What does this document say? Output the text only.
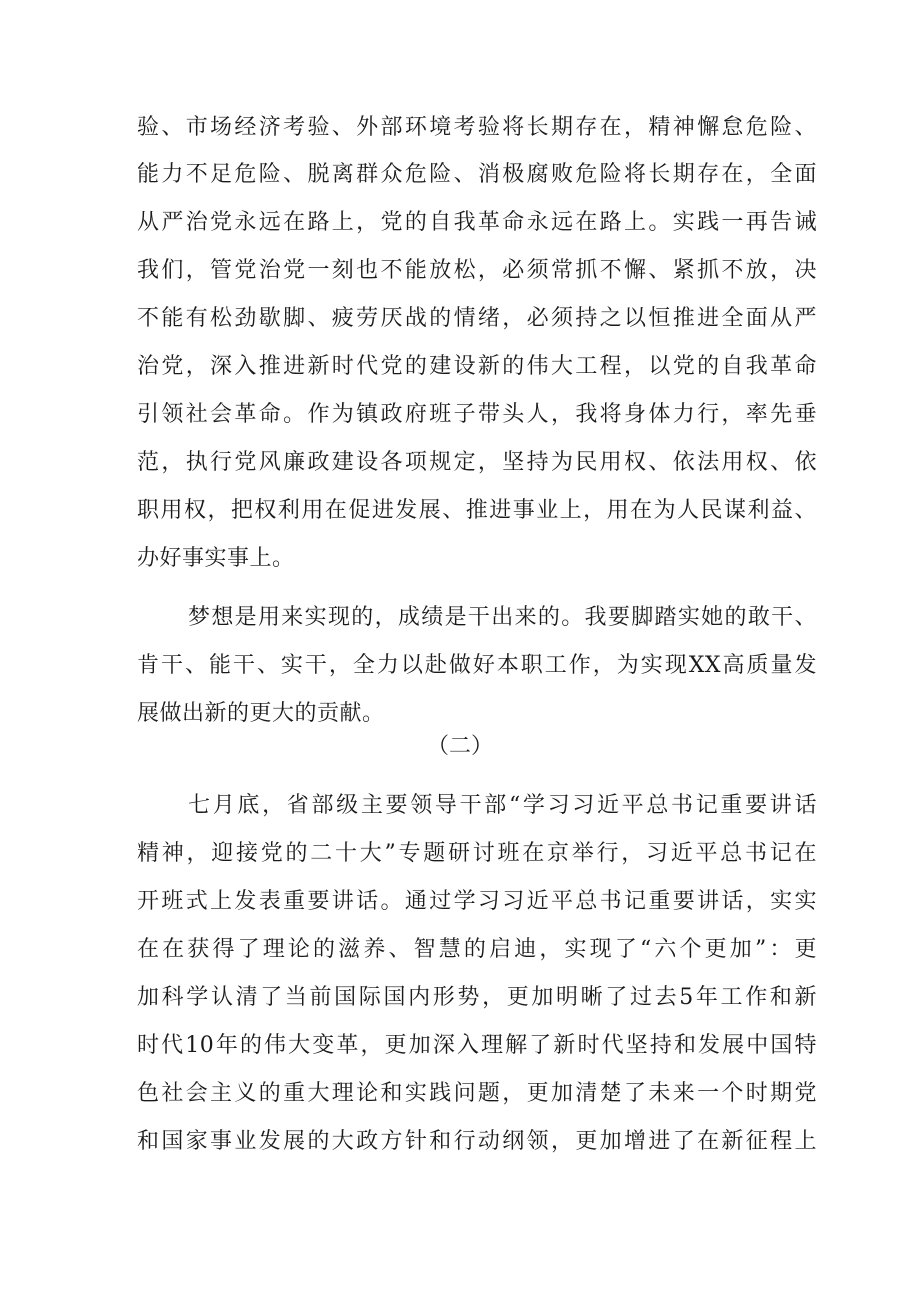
验、市场经济考验、外部环境考验将长期存在，精神懈怠危险、
能力不足危险、脱离群众危险、消极腐败危险将长期存在，全面
从严治党永远在路上，党的自我革命永远在路上。实践一再告诫
我们，管党治党一刻也不能放松，必须常抓不懈、紧抓不放，决
不能有松劲歇脚、疲劳厌战的情绪，必须持之以恒推进全面从严
治党，深入推进新时代党的建设新的伟大工程，以党的自我革命
引领社会革命。作为镇政府班子带头人，我将身体力行，率先垂
范，执行党风廉政建设各项规定，坚持为民用权、依法用权、依
职用权，把权利用在促进发展、推进事业上，用在为人民谋利益、
办好事实事上。
梦想是用来实现的，成绩是干出来的。我要脚踏实她的敢干、
肯干、能干、实干，全力以赴做好本职工作，为实现XX高质量发
展做出新的更大的贡献。
（二）
七月底，省部级主要领导干部“学习习近平总书记重要讲话
精神，迎接党的二十大”专题研讨班在京举行，习近平总书记在
开班式上发表重要讲话。通过学习习近平总书记重要讲话，实实
在在获得了理论的滋养、智慧的启迪，实现了“六个更加”：更
加科学认清了当前国际国内形势，更加明晰了过去5年工作和新
时代10年的伟大变革，更加深入理解了新时代坚持和发展中国特
色社会主义的重大理论和实践问题，更加清楚了未来一个时期党
和国家事业发展的大政方针和行动纲领，更加增进了在新征程上
